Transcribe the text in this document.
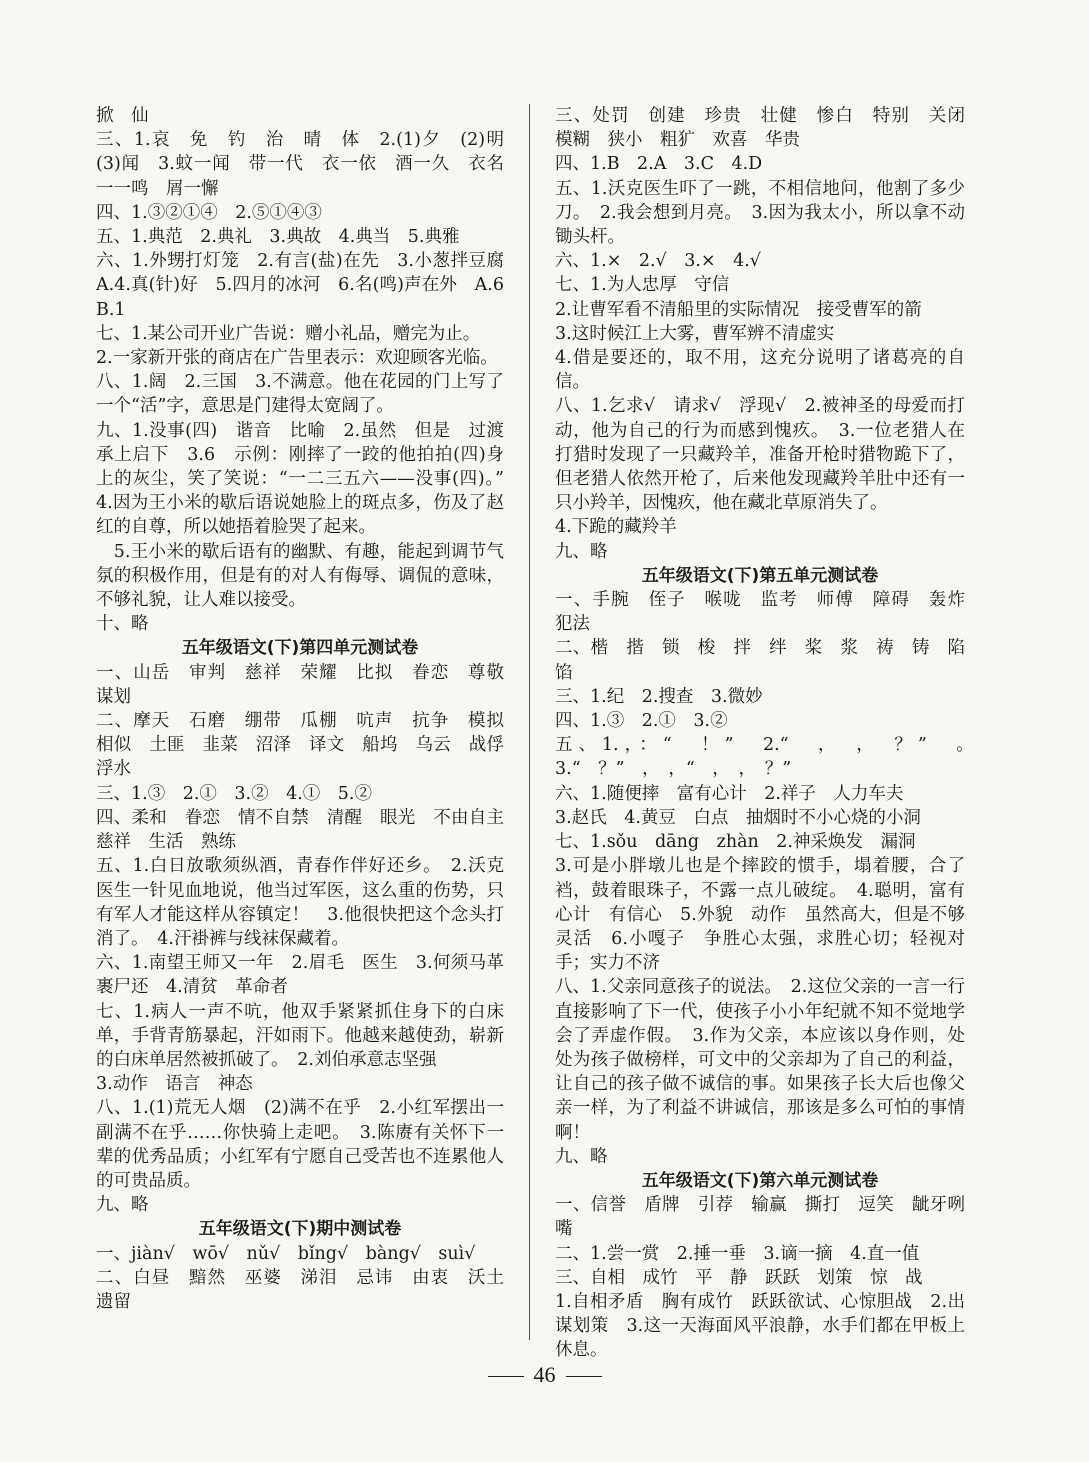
掀　仙
三、1.哀　免　钓　治　晴　体　2.(1)夕　(2)明　(3)闻　3.蚊一闻　带一代　衣一依　酒一久　衣名一一鸣　屑一懈
四、1.③②①④　2.⑤①④③
五、1.典范　2.典礼　3.典故　4.典当　5.典雅
六、1.外甥打灯笼　2.有言(盐)在先　3.小葱拌豆腐　A.4.真(针)好　5.四月的冰河　6.名(鸣)声在外　A.6　B.1
七、1.某公司开业广告说：赠小礼品，赠完为止。
2.一家新开张的商店在广告里表示：欢迎顾客光临。
八、1.阔　2.三国　3.不满意。他在花园的门上写了一个“活”字，意思是门建得太宽阔了。
九、1.没事(四)　谐音　比喻　2.虽然　但是　过渡　承上启下　3.6　示例：刚摔了一跤的他拍拍(四)身上的灰尘，笑了笑说：“一二三五六——没事(四)。”　4.因为王小米的歇后语说她脸上的斑点多，伤及了赵红的自尊，所以她捂着脸哭了起来。
　5.王小米的歇后语有的幽默、有趣，能起到调节气氛的积极作用，但是有的对人有侮辱、调侃的意味，不够礼貌，让人难以接受。
十、略
五年级语文(下)第四单元测试卷
一、山岳　审判　慈祥　荣耀　比拟　眷恋　尊敬　谋划
二、摩天　石磨　绷带　瓜棚　吭声　抗争　模拟　相似　土匪　韭菜　沼泽　译文　船坞　乌云　战俘　浮水
三、1.③　2.①　3.②　4.①　5.②
四、柔和　眷恋　情不自禁　清醒　眼光　不由自主　慈祥　生活　熟练
五、1.白日放歌须纵酒，青春作伴好还乡。　2.沃克医生一针见血地说，他当过军医，这么重的伤势，只有军人才能这样从容镇定！　3.他很快把这个念头打消了。　4.汗褂裤与线袜保藏着。
六、1.南望王师又一年　2.眉毛　医生　3.何须马革裹尸还　4.清贫　革命者
七、1.病人一声不吭，他双手紧紧抓住身下的白床单，手背青筋暴起，汗如雨下。他越来越使劲，崭新的白床单居然被抓破了。　2.刘伯承意志坚强
3.动作　语言　神态
八、1.(1)荒无人烟　(2)满不在乎　2.小红军摆出一副满不在乎……你快骑上走吧。　3.陈赓有关怀下一辈的优秀品质；小红军有宁愿自己受苦也不连累他人的可贵品质。
九、略
五年级语文(下)期中测试卷
一、jiàn√　wō√　nǔ√　bǐng√　bàng√　suì√
二、白昼　黯然　巫婆　涕泪　忌讳　由衷　沃土　遗留
三、处罚　创建　珍贵　壮健　惨白　特别　关闭　模糊　狭小　粗犷　欢喜　华贵
四、1.B　2.A　3.C　4.D
五、1.沃克医生吓了一跳，不相信地问，他割了多少刀。　2.我会想到月亮。　3.因为我太小，所以拿不动锄头杆。
六、1.×　2.√　3.×　4.√
七、1.为人忠厚　守信
2.让曹军看不清船里的实际情况　接受曹军的箭
3.这时候江上大雾，曹军辨不清虚实
4.借是要还的，取不用，这充分说明了诸葛亮的自信。
八、1.乞求√　请求√　浮现√　2.被神圣的母爱而打动，他为自己的行为而感到愧疚。　3.一位老猎人在打猎时发现了一只藏羚羊，准备开枪时猎物跪下了，但老猎人依然开枪了，后来他发现藏羚羊肚中还有一只小羚羊，因愧疚，他在藏北草原消失了。
4.下跪的藏羚羊
九、略
五年级语文(下)第五单元测试卷
一、手腕　侄子　喉咙　监考　师傅　障碍　轰炸　犯法
二、楷　揩　锁　梭　拌　绊　桨　浆　祷　铸　陷　馅
三、1.纪　2.搜查　3.微妙
四、1.③　2.①　3.②
五、1.，：“　！”　2.“　，　，　？”　。　3.“　？”　，　，“　，　，　？”
六、1.随便摔　富有心计　2.祥子　人力车夫
3.赵氏　4.黄豆　白点　抽烟时不小心烧的小洞
七、1.sǒu　dāng　zhàn　2.神采焕发　漏洞
3.可是小胖墩儿也是个摔跤的惯手，塌着腰，合了裆，鼓着眼珠子，不露一点儿破绽。　4.聪明，富有心计　有信心　5.外貌　动作　虽然高大，但是不够灵活　6.小嘎子　争胜心太强，求胜心切；轻视对手；实力不济
八、1.父亲同意孩子的说法。　2.这位父亲的一言一行直接影响了下一代，使孩子小小年纪就不知不觉地学会了弄虚作假。　3.作为父亲，本应该以身作则，处处为孩子做榜样，可文中的父亲却为了自己的利益，让自己的孩子做不诚信的事。如果孩子长大后也像父亲一样，为了利益不讲诚信，那该是多么可怕的事情啊！
九、略
五年级语文(下)第六单元测试卷
一、信誉　盾牌　引荐　输赢　撕打　逗笑　龇牙咧嘴
二、1.尝一赏　2.捶一垂　3.谪一摘　4.直一值
三、自相　成竹　平　静　跃跃　划策　惊　战
1.自相矛盾　胸有成竹　跃跃欲试、心惊胆战　2.出谋划策　3.这一天海面风平浪静，水手们都在甲板上休息。
46
